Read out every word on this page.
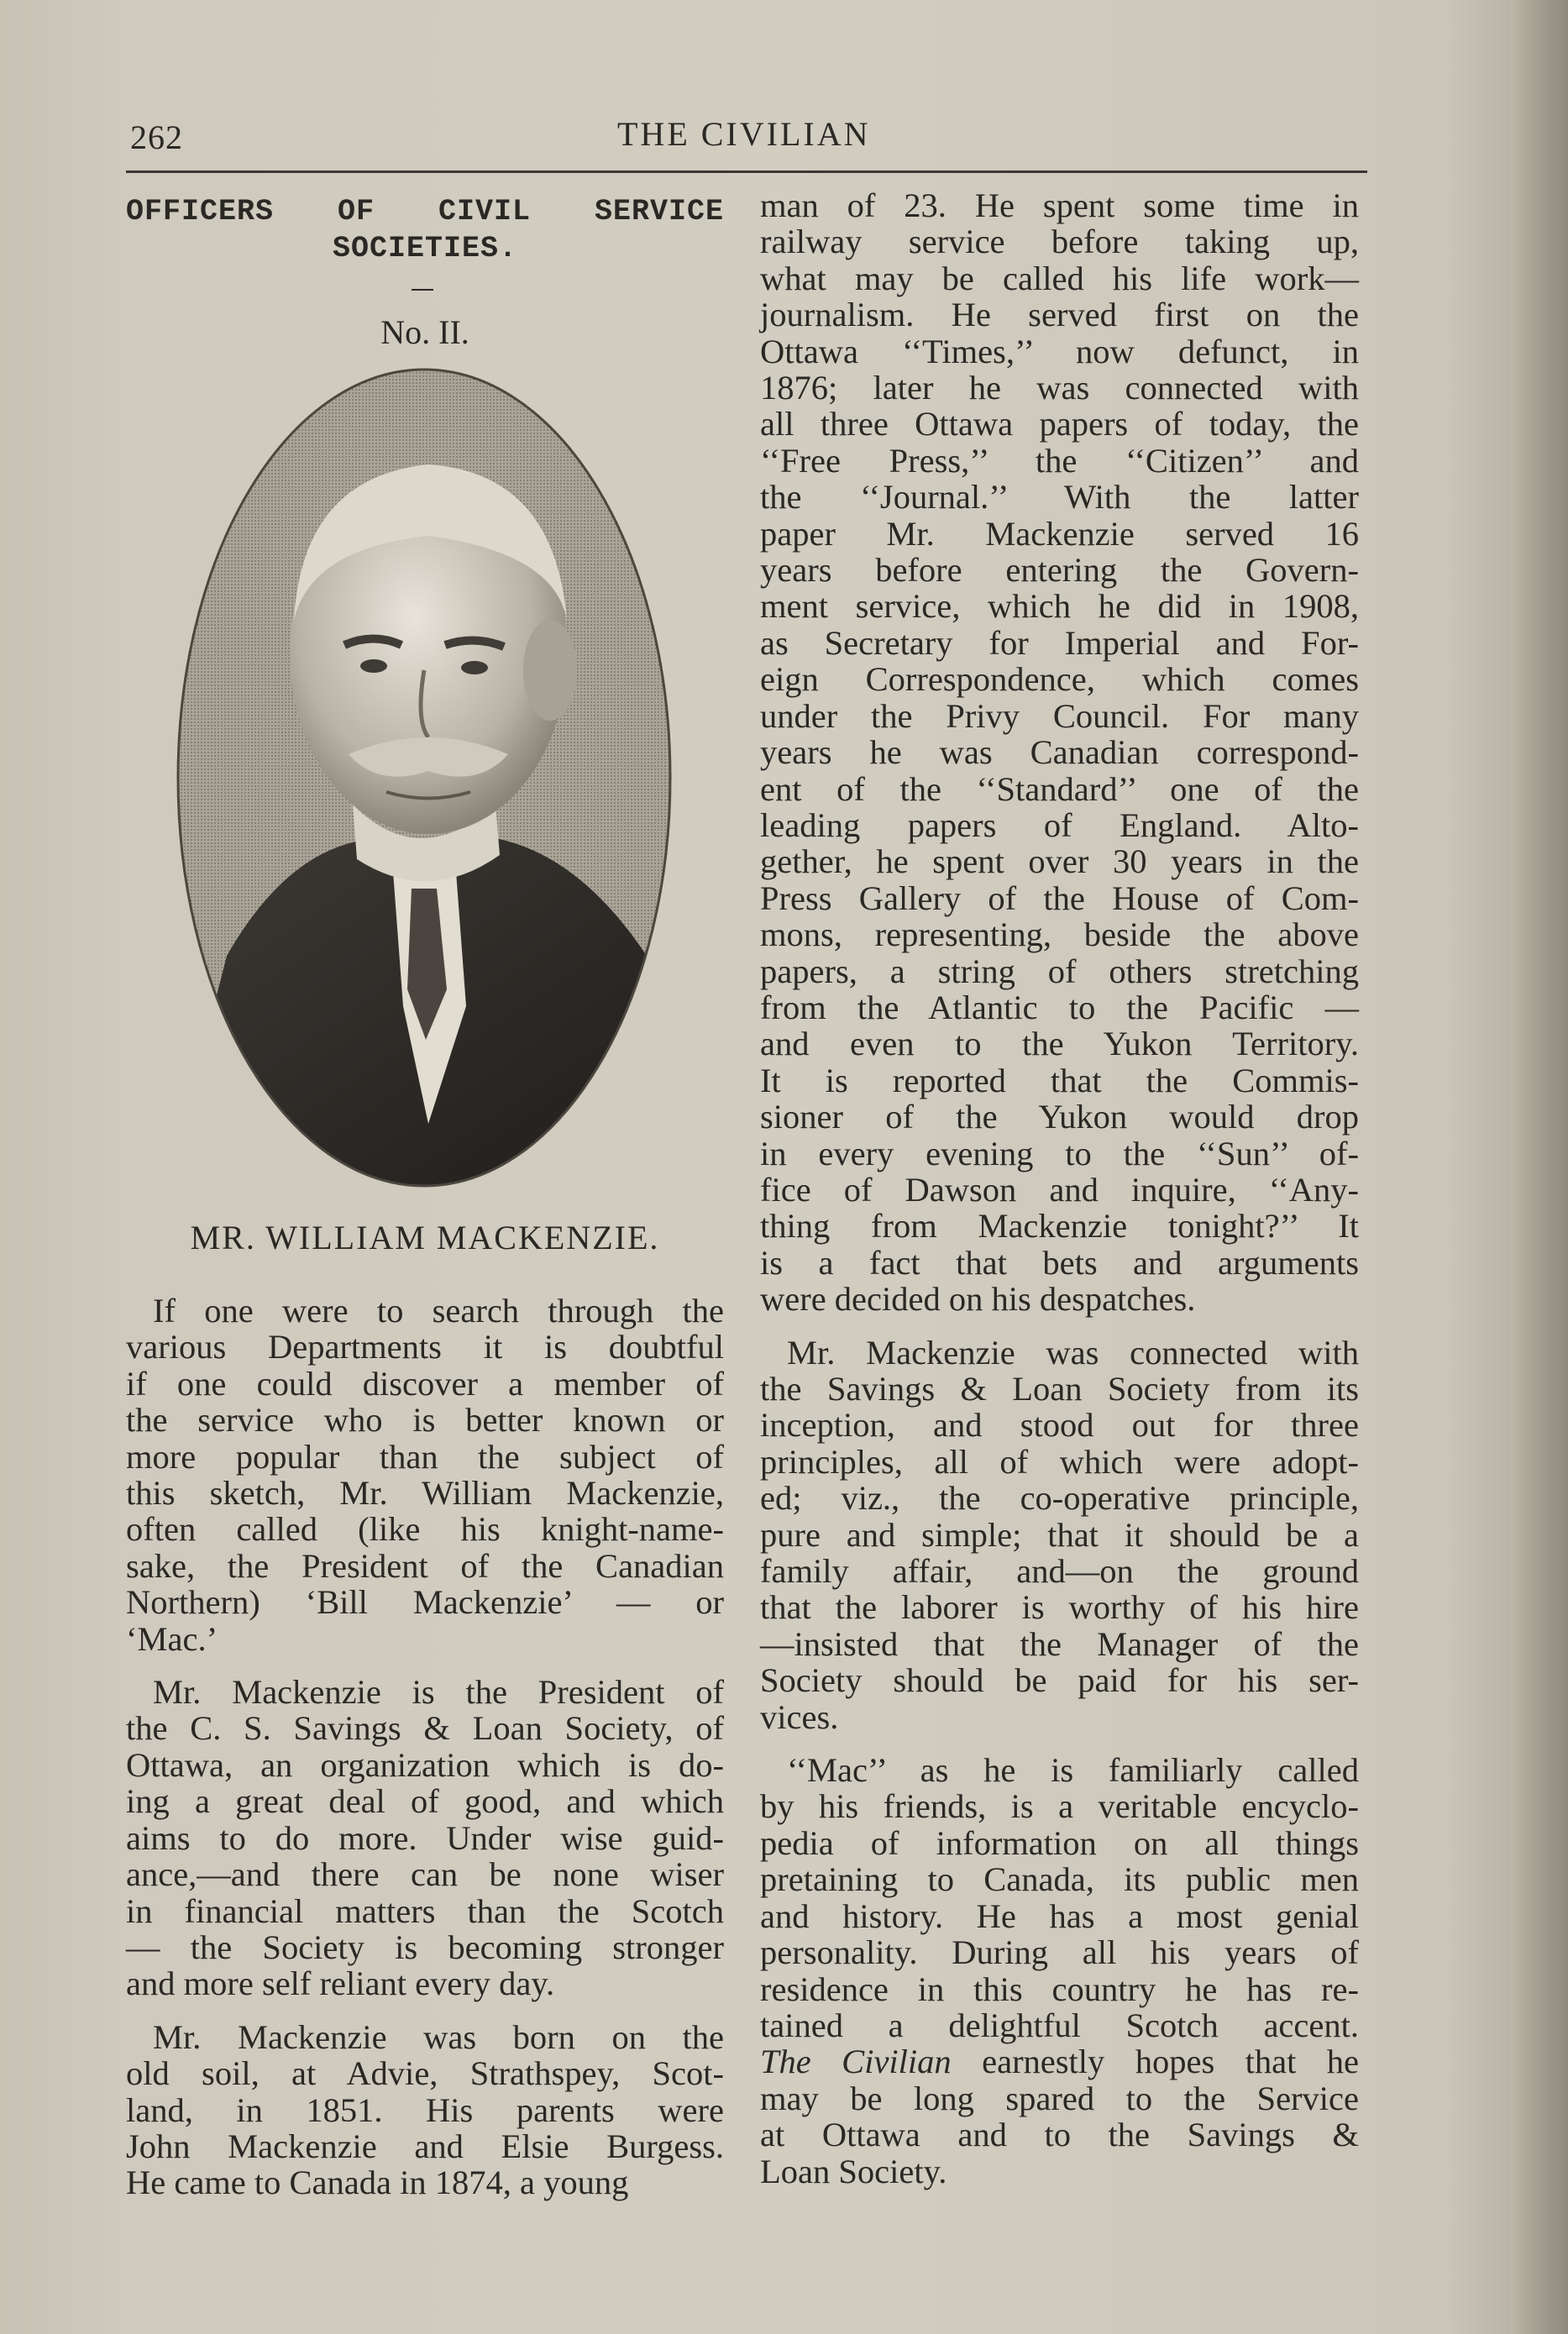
262	THE CIVILIAN
OFFICERS OF CIVIL SERVICE
SOCIETIES.
No. II.
MR. WILLIAM MACKENZIE.
If one were to search through the
various Departments it is doubtful
if one could discover a member of
the service who is better known or
more popular than the subject of
this sketch, Mr. William Mackenzie,
often called (like his knight-name-
sake, the President of the Canadian
Northern) ‘Bill Mackenzie’ — or
‘Mac.’
Mr. Mackenzie is the President of
the C. S. Savings & Loan Society, of
Ottawa, an organization which is do-
ing a great deal of good, and which
aims to do more. Under wise guid-
ance,—and there can be none wiser
in financial matters than the Scotch
— the Society is becoming stronger
and more self reliant every day.
Mr. Mackenzie was born on the
old soil, at Advie, Strathspey, Scot-
land, in 1851. His parents were
John Mackenzie and Elsie Burgess.
He came to Canada in 1874, a young
man of 23. He spent some time in
railway service before taking up,
what may be called his life work—
journalism. He served first on the
Ottawa ‘‘Times,’’ now defunct, in
1876; later he was connected with
all three Ottawa papers of today, the
‘‘Free Press,’’ the ‘‘Citizen’’ and
the ‘‘Journal.’’ With the latter
paper Mr. Mackenzie served 16
years before entering the Govern-
ment service, which he did in 1908,
as Secretary for Imperial and For-
eign Correspondence, which comes
under the Privy Council. For many
years he was Canadian correspond-
ent of the ‘‘Standard’’ one of the
leading papers of England. Alto-
gether, he spent over 30 years in the
Press Gallery of the House of Com-
mons, representing, beside the above
papers, a string of others stretching
from the Atlantic to the Pacific —
and even to the Yukon Territory.
It is reported that the Commis-
sioner of the Yukon would drop
in every evening to the ‘‘Sun’’ of-
fice of Dawson and inquire, ‘‘Any-
thing from Mackenzie tonight?’’ It
is a fact that bets and arguments
were decided on his despatches.
Mr. Mackenzie was connected with
the Savings & Loan Society from its
inception, and stood out for three
principles, all of which were adopt-
ed; viz., the co-operative principle,
pure and simple; that it should be a
family affair, and—on the ground
that the laborer is worthy of his hire
—insisted that the Manager of the
Society should be paid for his ser-
vices.
‘‘Mac’’ as he is familiarly called
by his friends, is a veritable encyclo-
pedia of information on all things
pretaining to Canada, its public men
and history. He has a most genial
personality. During all his years of
residence in this country he has re-
tained a delightful Scotch accent.
The Civilian earnestly hopes that he
may be long spared to the Service
at Ottawa and to the Savings &
Loan Society.
